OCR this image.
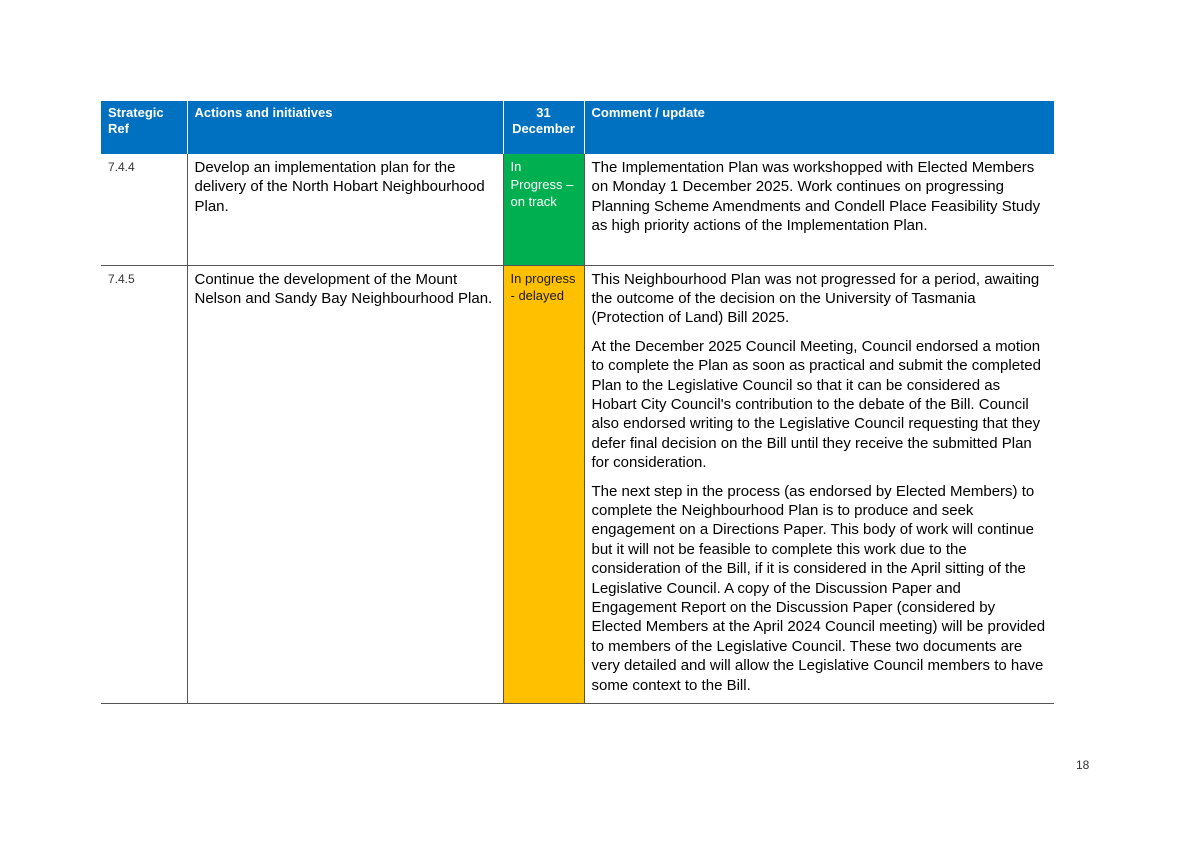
Strategic Ref	Actions and initiatives	31 December	Comment / update
7.4.4	Develop an implementation plan for the delivery of the North Hobart Neighbourhood Plan.	In Progress – on track	The Implementation Plan was workshopped with Elected Members on Monday 1 December 2025. Work continues on progressing Planning Scheme Amendments and Condell Place Feasibility Study as high priority actions of the Implementation Plan.

7.4.5	Continue the development of the Mount Nelson and Sandy Bay Neighbourhood Plan.	In progress - delayed	This Neighbourhood Plan was not progressed for a period, awaiting the outcome of the decision on the University of Tasmania (Protection of Land) Bill 2025.

At the December 2025 Council Meeting, Council endorsed a motion to complete the Plan as soon as practical and submit the completed Plan to the Legislative Council so that it can be considered as Hobart City Council's contribution to the debate of the Bill. Council also endorsed writing to the Legislative Council requesting that they defer final decision on the Bill until they receive the submitted Plan for consideration.

The next step in the process (as endorsed by Elected Members) to complete the Neighbourhood Plan is to produce and seek engagement on a Directions Paper. This body of work will continue but it will not be feasible to complete this work due to the consideration of the Bill, if it is considered in the April sitting of the Legislative Council. A copy of the Discussion Paper and Engagement Report on the Discussion Paper (considered by Elected Members at the April 2024 Council meeting) will be provided to members of the Legislative Council. These two documents are very detailed and will allow the Legislative Council members to have some context to the Bill.

18
